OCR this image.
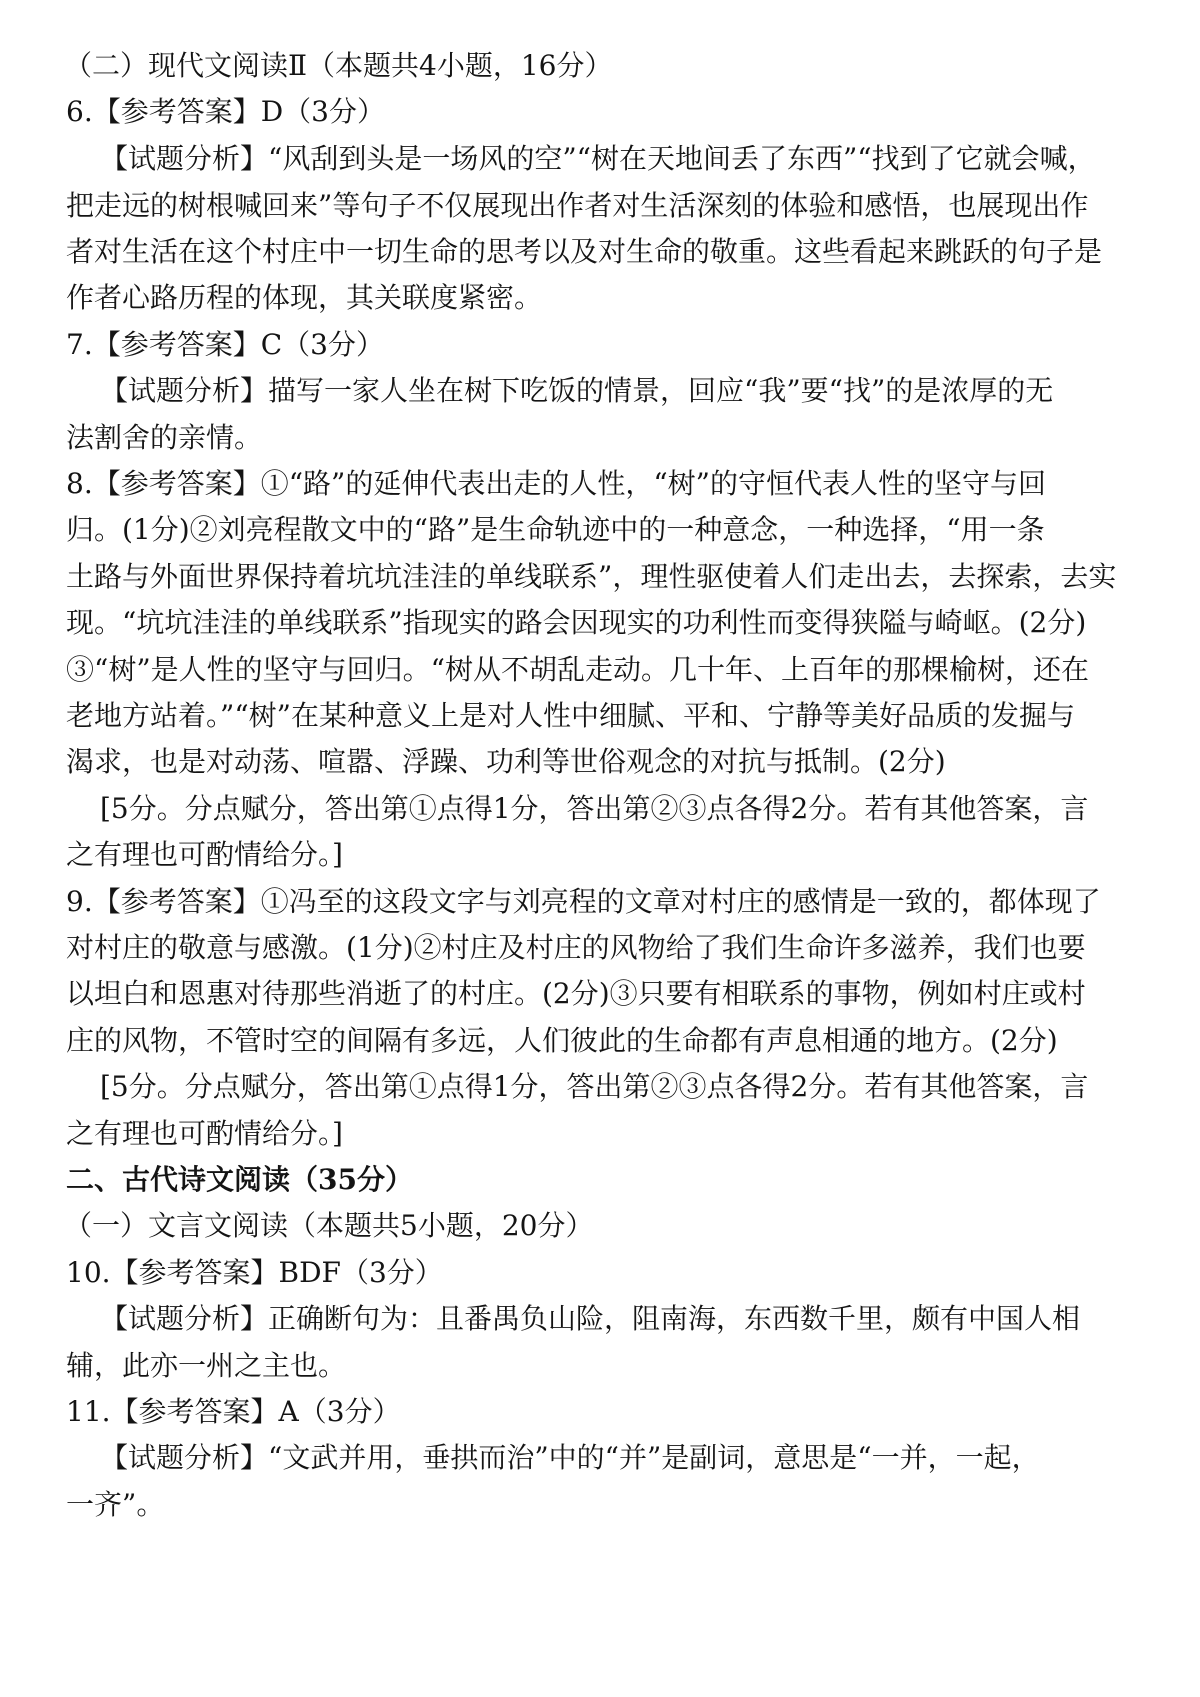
（二）现代文阅读Ⅱ（本题共4小题，16分）
6.【参考答案】D（3分）
【试题分析】“风刮到头是一场风的空”“树在天地间丢了东西”“找到了它就会喊，
把走远的树根喊回来”等句子不仅展现出作者对生活深刻的体验和感悟，也展现出作
者对生活在这个村庄中一切生命的思考以及对生命的敬重。这些看起来跳跃的句子是
作者心路历程的体现，其关联度紧密。
7.【参考答案】C（3分）
【试题分析】描写一家人坐在树下吃饭的情景，回应“我”要“找”的是浓厚的无
法割舍的亲情。
8.【参考答案】①“路”的延伸代表出走的人性，“树”的守恒代表人性的坚守与回
归。(1分)②刘亮程散文中的“路”是生命轨迹中的一种意念，一种选择，“用一条
土路与外面世界保持着坑坑洼洼的单线联系”，理性驱使着人们走出去，去探索，去实
现。“坑坑洼洼的单线联系”指现实的路会因现实的功利性而变得狭隘与崎岖。(2分)
③“树”是人性的坚守与回归。“树从不胡乱走动。几十年、上百年的那棵榆树，还在
老地方站着。”“树”在某种意义上是对人性中细腻、平和、宁静等美好品质的发掘与
渴求，也是对动荡、喧嚣、浮躁、功利等世俗观念的对抗与抵制。(2分)
[5分。分点赋分，答出第①点得1分，答出第②③点各得2分。若有其他答案，言
之有理也可酌情给分。]
9.【参考答案】①冯至的这段文字与刘亮程的文章对村庄的感情是一致的，都体现了
对村庄的敬意与感激。(1分)②村庄及村庄的风物给了我们生命许多滋养，我们也要
以坦白和恩惠对待那些消逝了的村庄。(2分)③只要有相联系的事物，例如村庄或村
庄的风物，不管时空的间隔有多远，人们彼此的生命都有声息相通的地方。(2分)
[5分。分点赋分，答出第①点得1分，答出第②③点各得2分。若有其他答案，言
之有理也可酌情给分。]
二、古代诗文阅读（35分）
（一）文言文阅读（本题共5小题，20分）
10.【参考答案】BDF（3分）
【试题分析】正确断句为：且番禺负山险，阻南海，东西数千里，颇有中国人相
辅，此亦一州之主也。
11.【参考答案】A（3分）
【试题分析】“文武并用，垂拱而治”中的“并”是副词，意思是“一并，一起，
一齐”。
